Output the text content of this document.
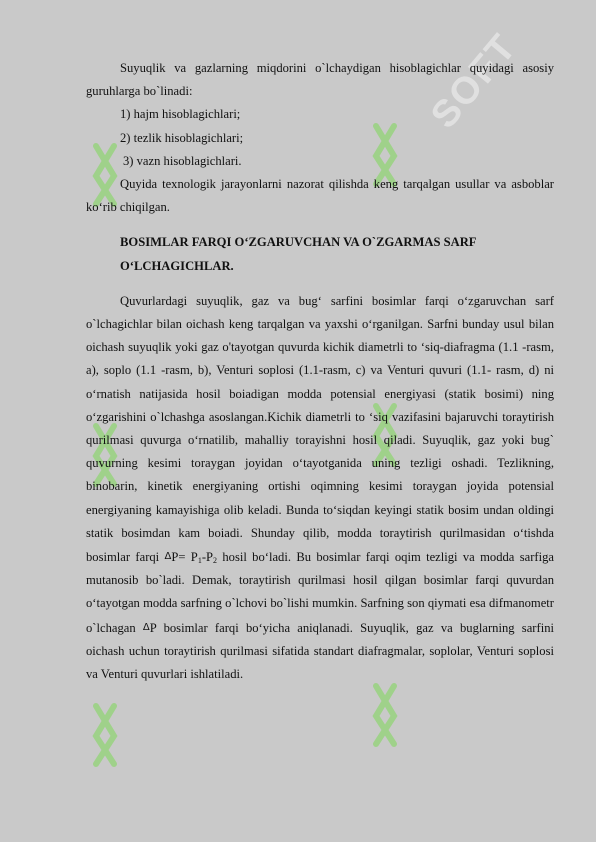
SOFT

Suyuqlik va gazlarning miqdorini o`lchaydigan hisoblagichlar quyidagi asosiy guruhlarga bo`linadi:

1) hajm hisoblagichlari;

2) tezlik hisoblagichlari;

3) vazn hisoblagichlari.

Quyida texnologik jarayonlarni nazorat qilishda keng tarqalgan usullar va asboblar ko‘rib chiqilgan.

BOSIMLAR FARQI O‘ZGARUVCHAN VA O`ZGARMAS SARF O‘LCHAGICHLAR.

Quvurlardagi suyuqlik, gaz va bug‘ sarfini bosimlar farqi o‘zgaruvchan sarf o`lchagichlar bilan oichash keng tarqalgan va yaxshi o‘rganilgan. Sarfni bunday usul bilan oichash suyuqlik yoki gaz o'tayotgan quvurda kichik diametrli to ‘siq-diafragma (1.1 -rasm, a), soplo (1.1 -rasm, b), Venturi soplosi (1.1-rasm, c) va Venturi quvuri (1.1- rasm, d) ni o‘rnatish natijasida hosil boiadigan modda potensial energiyasi (statik bosimi) ning o‘zgarishini o`lchashga asoslangan.Kichik diametrli to ‘siq vazifasini bajaruvchi toraytirish qurilmasi quvurga o‘rnatilib, mahalliy torayishni hosil qiladi. Suyuqlik, gaz yoki bug` quvurning kesimi toraygan joyidan o‘tayotganida uning tezligi oshadi. Tezlikning, binobarin, kinetik energiyaning ortishi oqimning kesimi toraygan joyida potensial energiyaning kamayishiga olib keladi. Bunda to‘siqdan keyingi statik bosim undan oldingi statik bosimdan kam boiadi. Shunday qilib, modda toraytirish qurilmasidan o‘tishda bosimlar farqi $\Delta P= P_1-P_2$ hosil bo‘ladi. Bu bosimlar farqi oqim tezligi va modda sarfiga mutanosib bo`ladi. Demak, toraytirish qurilmasi hosil qilgan bosimlar farqi quvurdan o‘tayotgan modda sarfning o`lchovi bo`lishi mumkin. Sarfning son qiymati esa difmanometr o`lchagan ΔP bosimlar farqi bo‘yicha aniqlanadi. Suyuqlik, gaz va buglarning sarfini oichash uchun toraytirish qurilmasi sifatida standart diafragmalar, soplolar, Venturi soplosi va Venturi quvurlari ishlatiladi.
